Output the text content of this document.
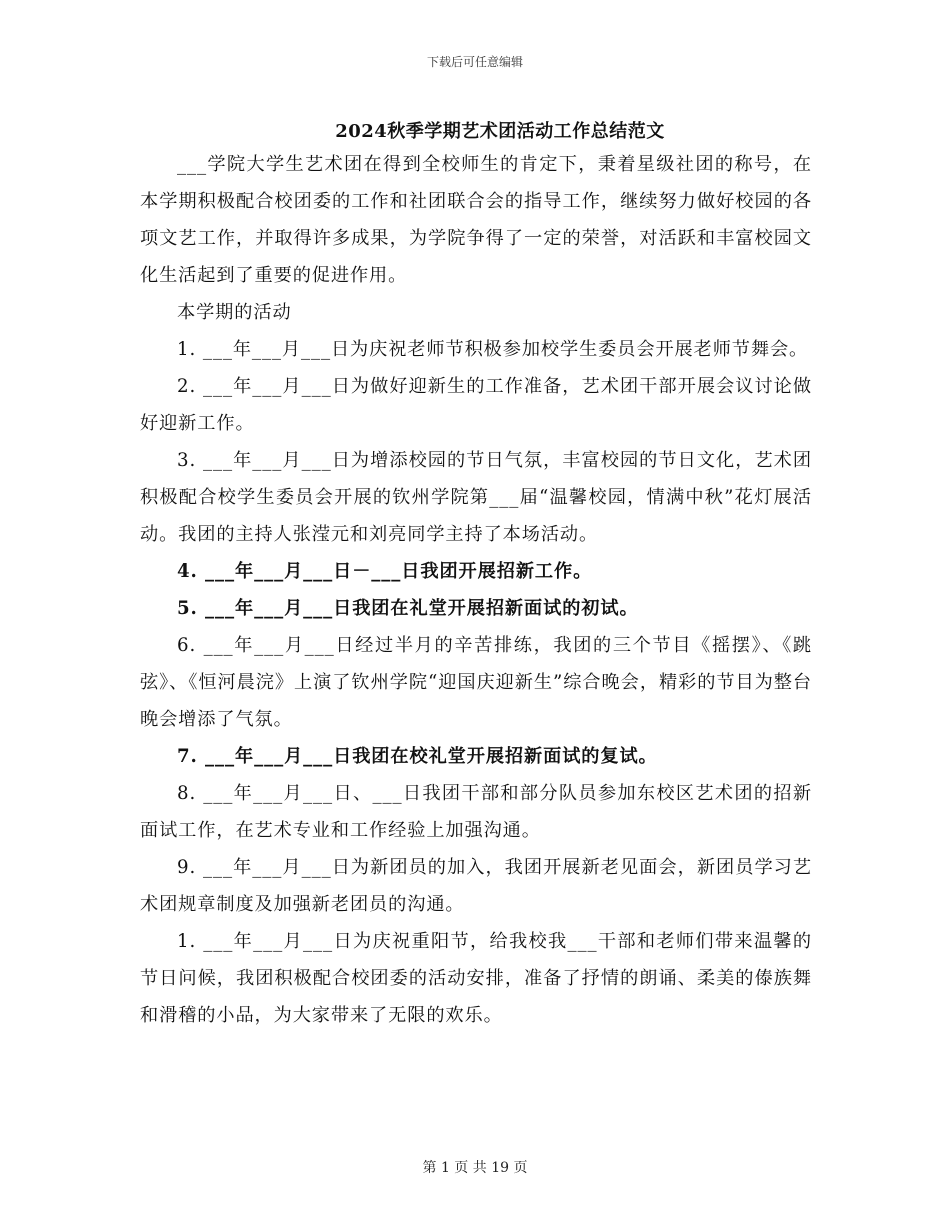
下载后可任意编辑
2024秋季学期艺术团活动工作总结范文

___学院大学生艺术团在得到全校师生的肯定下，秉着星级社团的称号，在本学期积极配合校团委的工作和社团联合会的指导工作，继续努力做好校园的各项文艺工作，并取得许多成果，为学院争得了一定的荣誉，对活跃和丰富校园文化生活起到了重要的促进作用。

本学期的活动

1. ___年___月___日为庆祝老师节积极参加校学生委员会开展老师节舞会。

2. ___年___月___日为做好迎新生的工作准备，艺术团干部开展会议讨论做好迎新工作。

3. ___年___月___日为增添校园的节日气氛，丰富校园的节日文化，艺术团积极配合校学生委员会开展的钦州学院第___届“温馨校园，情满中秋”花灯展活动。我团的主持人张滢元和刘亮同学主持了本场活动。

4. ___年___月___日－___日我团开展招新工作。

5. ___年___月___日我团在礼堂开展招新面试的初试。

6. ___年___月___日经过半月的辛苦排练，我团的三个节目《摇摆》、《跳弦》、《恒河晨浣》上演了钦州学院“迎国庆迎新生”综合晚会，精彩的节目为整台晚会增添了气氛。

7. ___年___月___日我团在校礼堂开展招新面试的复试。

8. ___年___月___日、___日我团干部和部分队员参加东校区艺术团的招新面试工作，在艺术专业和工作经验上加强沟通。

9. ___年___月___日为新团员的加入，我团开展新老见面会，新团员学习艺术团规章制度及加强新老团员的沟通。

1. ___年___月___日为庆祝重阳节，给我校我___干部和老师们带来温馨的节日问候，我团积极配合校团委的活动安排，准备了抒情的朗诵、柔美的傣族舞和滑稽的小品，为大家带来了无限的欢乐。

第 1 页 共 19 页
